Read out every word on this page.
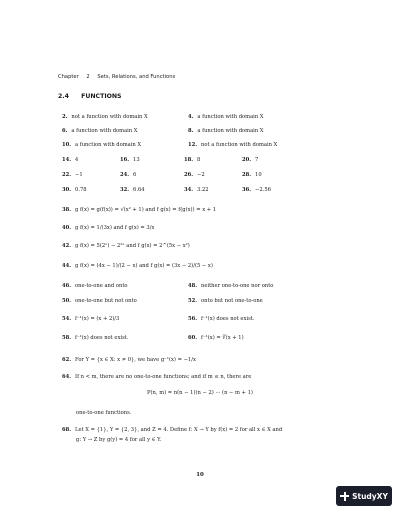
Chapter 2 Sets, Relations, and Functions
2.4 FUNCTIONS
2. not a function with domain X	4. a function with domain X
6. a function with domain X	8. a function with domain X
10. a function with domain X	12. not a function with domain X
14. 4	16. 13	18. 8	20. 7
22. −1	24. 6	26. −2	28. 10
30. 0.78	32. 6.64	34. 3.22	36. −2.56
38. g f(x) = g(f(x)) = √(x² + 1) and f g(x) = f(g(x)) = x + 1
40. g f(x) = 1/(3x) and f g(x) = 3/x
42. g f(x) = 5(2ˣ) − 2²ˣ and f g(x) = 2^(5x − x²)
44. g f(x) = (4x − 1)/(2 − x) and f g(x) = (3x − 2)/(5 − x)
46. one-to-one and onto	48. neither one-to-one nor onto
50. one-to-one but not onto	52. onto but not one-to-one
54. f⁻¹(x) = (x + 2)/3	56. f⁻¹(x) does not exist.
58. f⁻¹(x) does not exist.	60. f⁻¹(x) = ∛(x + 1)
62. For Y = {x ∈ X: x ≠ 0}, we have g⁻¹(x) = −1/x
64. If n < m, there are no one-to-one functions; and if m ≤ n, there are
P(n, m) = n(n − 1)(n − 2) ··· (n − m + 1)
one-to-one functions.
68. Let X = {1}, Y = {2, 3}, and Z = 4. Define f: X → Y by f(x) = 2 for all x ∈ X and
g: Y → Z by g(y) = 4 for all y ∈ Y.
10
StudyXY
